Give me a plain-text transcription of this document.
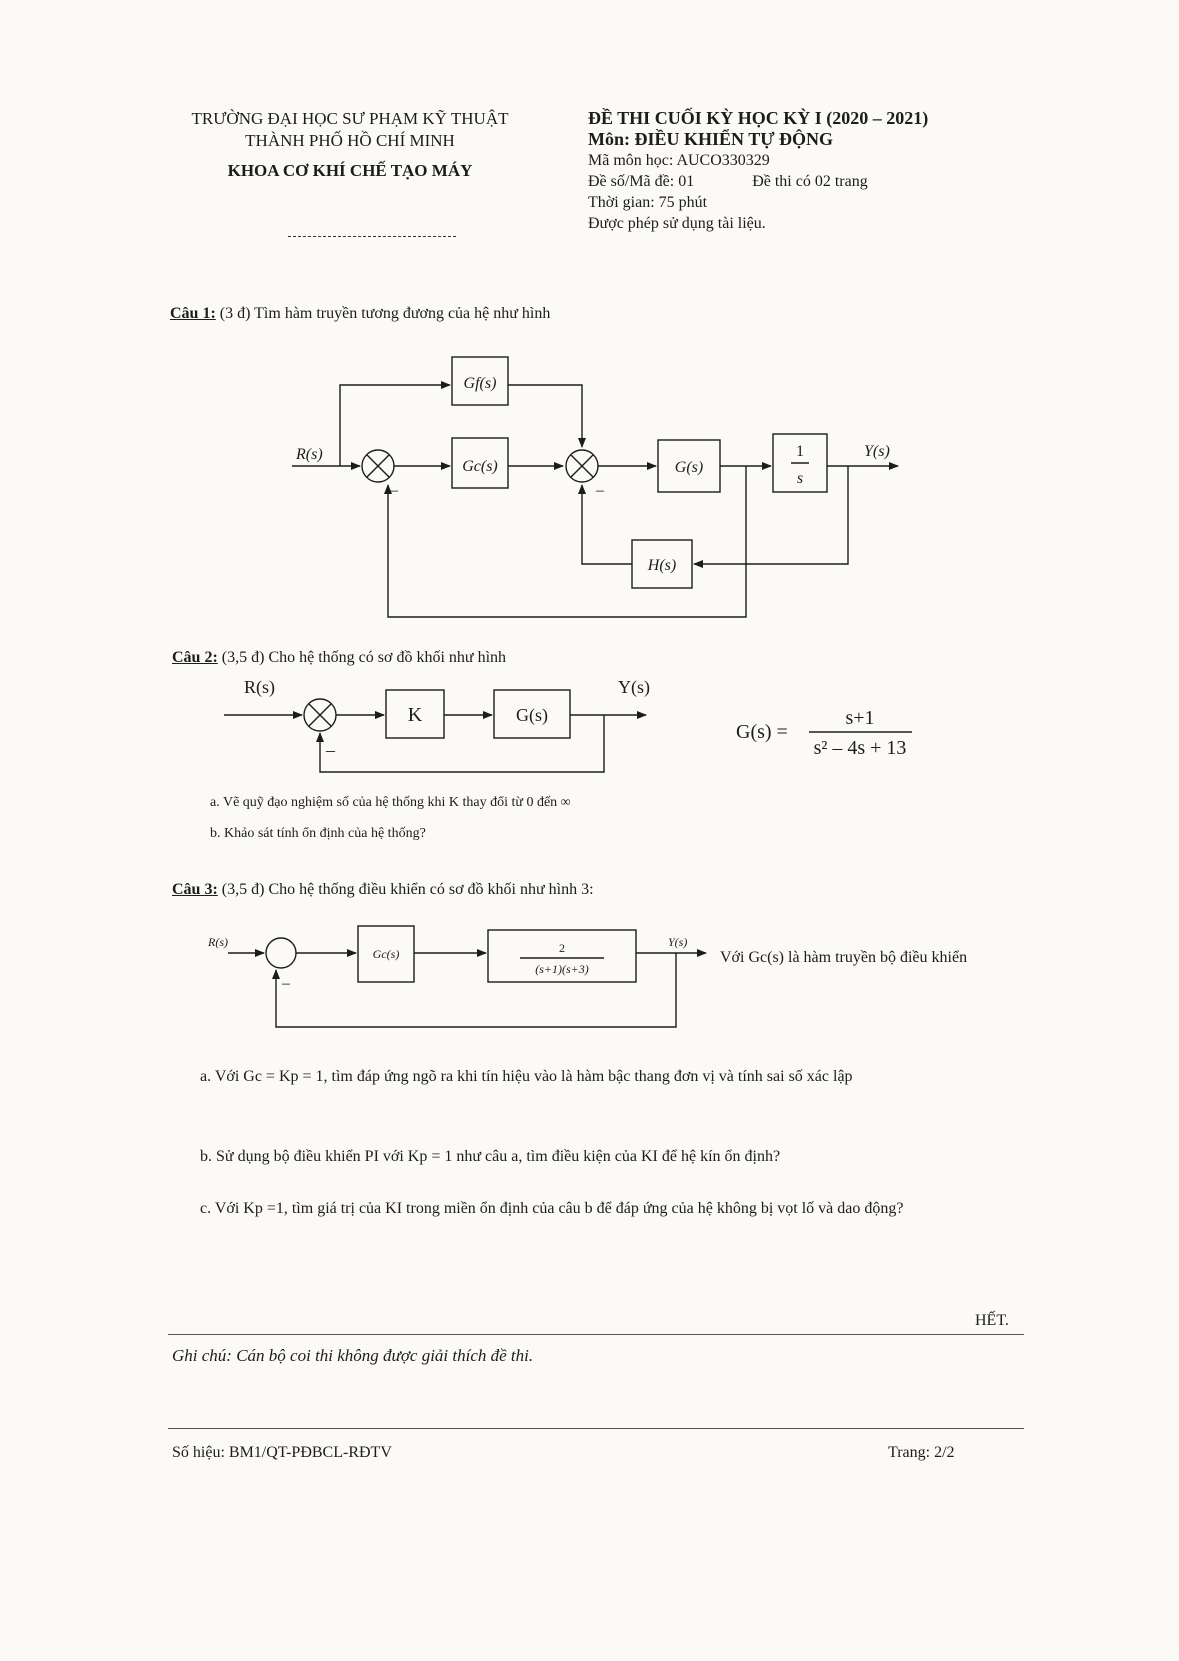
TRƯỜNG ĐẠI HỌC SƯ PHẠM KỸ THUẬT
THÀNH PHỐ HỒ CHÍ MINH
KHOA CƠ KHÍ CHẾ TẠO MÁY
ĐỀ THI CUỐI KỲ HỌC KỲ I (2020 – 2021)
Môn: ĐIỀU KHIỂN TỰ ĐỘNG
Mã môn học: AUCO330329
Đề số/Mã đề: 01	Đề thi có 02 trang
Thời gian: 75 phút
Được phép sử dụng tài liệu.
Câu 1: (3 đ) Tìm hàm truyền tương đương của hệ như hình
R(s)	Y(s)
Gf(s)
Gc(s)	G(s)
H(s)
1
s
–	–
R(s)	Y(s)
K	G(s)
–
G(s) =
s+1
s² – 4s + 13
R(s)	Y(s)
Gc(s)	2
(s+1)(s+3)
–
Câu 2: (3,5 đ) Cho hệ thống có sơ đồ khối như hình
a. Vẽ quỹ đạo nghiệm số của hệ thống khi K thay đổi từ 0 đến ∞
b. Khảo sát tính ổn định của hệ thống?
Câu 3: (3,5 đ) Cho hệ thống điều khiển có sơ đồ khối như hình 3:
Với Gc(s) là hàm truyền bộ điều khiển
a. Với Gc = Kp = 1, tìm đáp ứng ngõ ra khi tín hiệu vào là hàm bậc thang đơn vị và tính sai số xác lập
b. Sử dụng bộ điều khiển PI với Kp = 1 như câu a, tìm điều kiện của KI để hệ kín ổn định?
c. Với Kp =1, tìm giá trị của KI trong miền ổn định của câu b để đáp ứng của hệ không bị vọt lố và dao động?
HẾT.
Ghi chú: Cán bộ coi thi không được giải thích đề thi.
Số hiệu: BM1/QT-PĐBCL-RĐTV	Trang: 2/2
